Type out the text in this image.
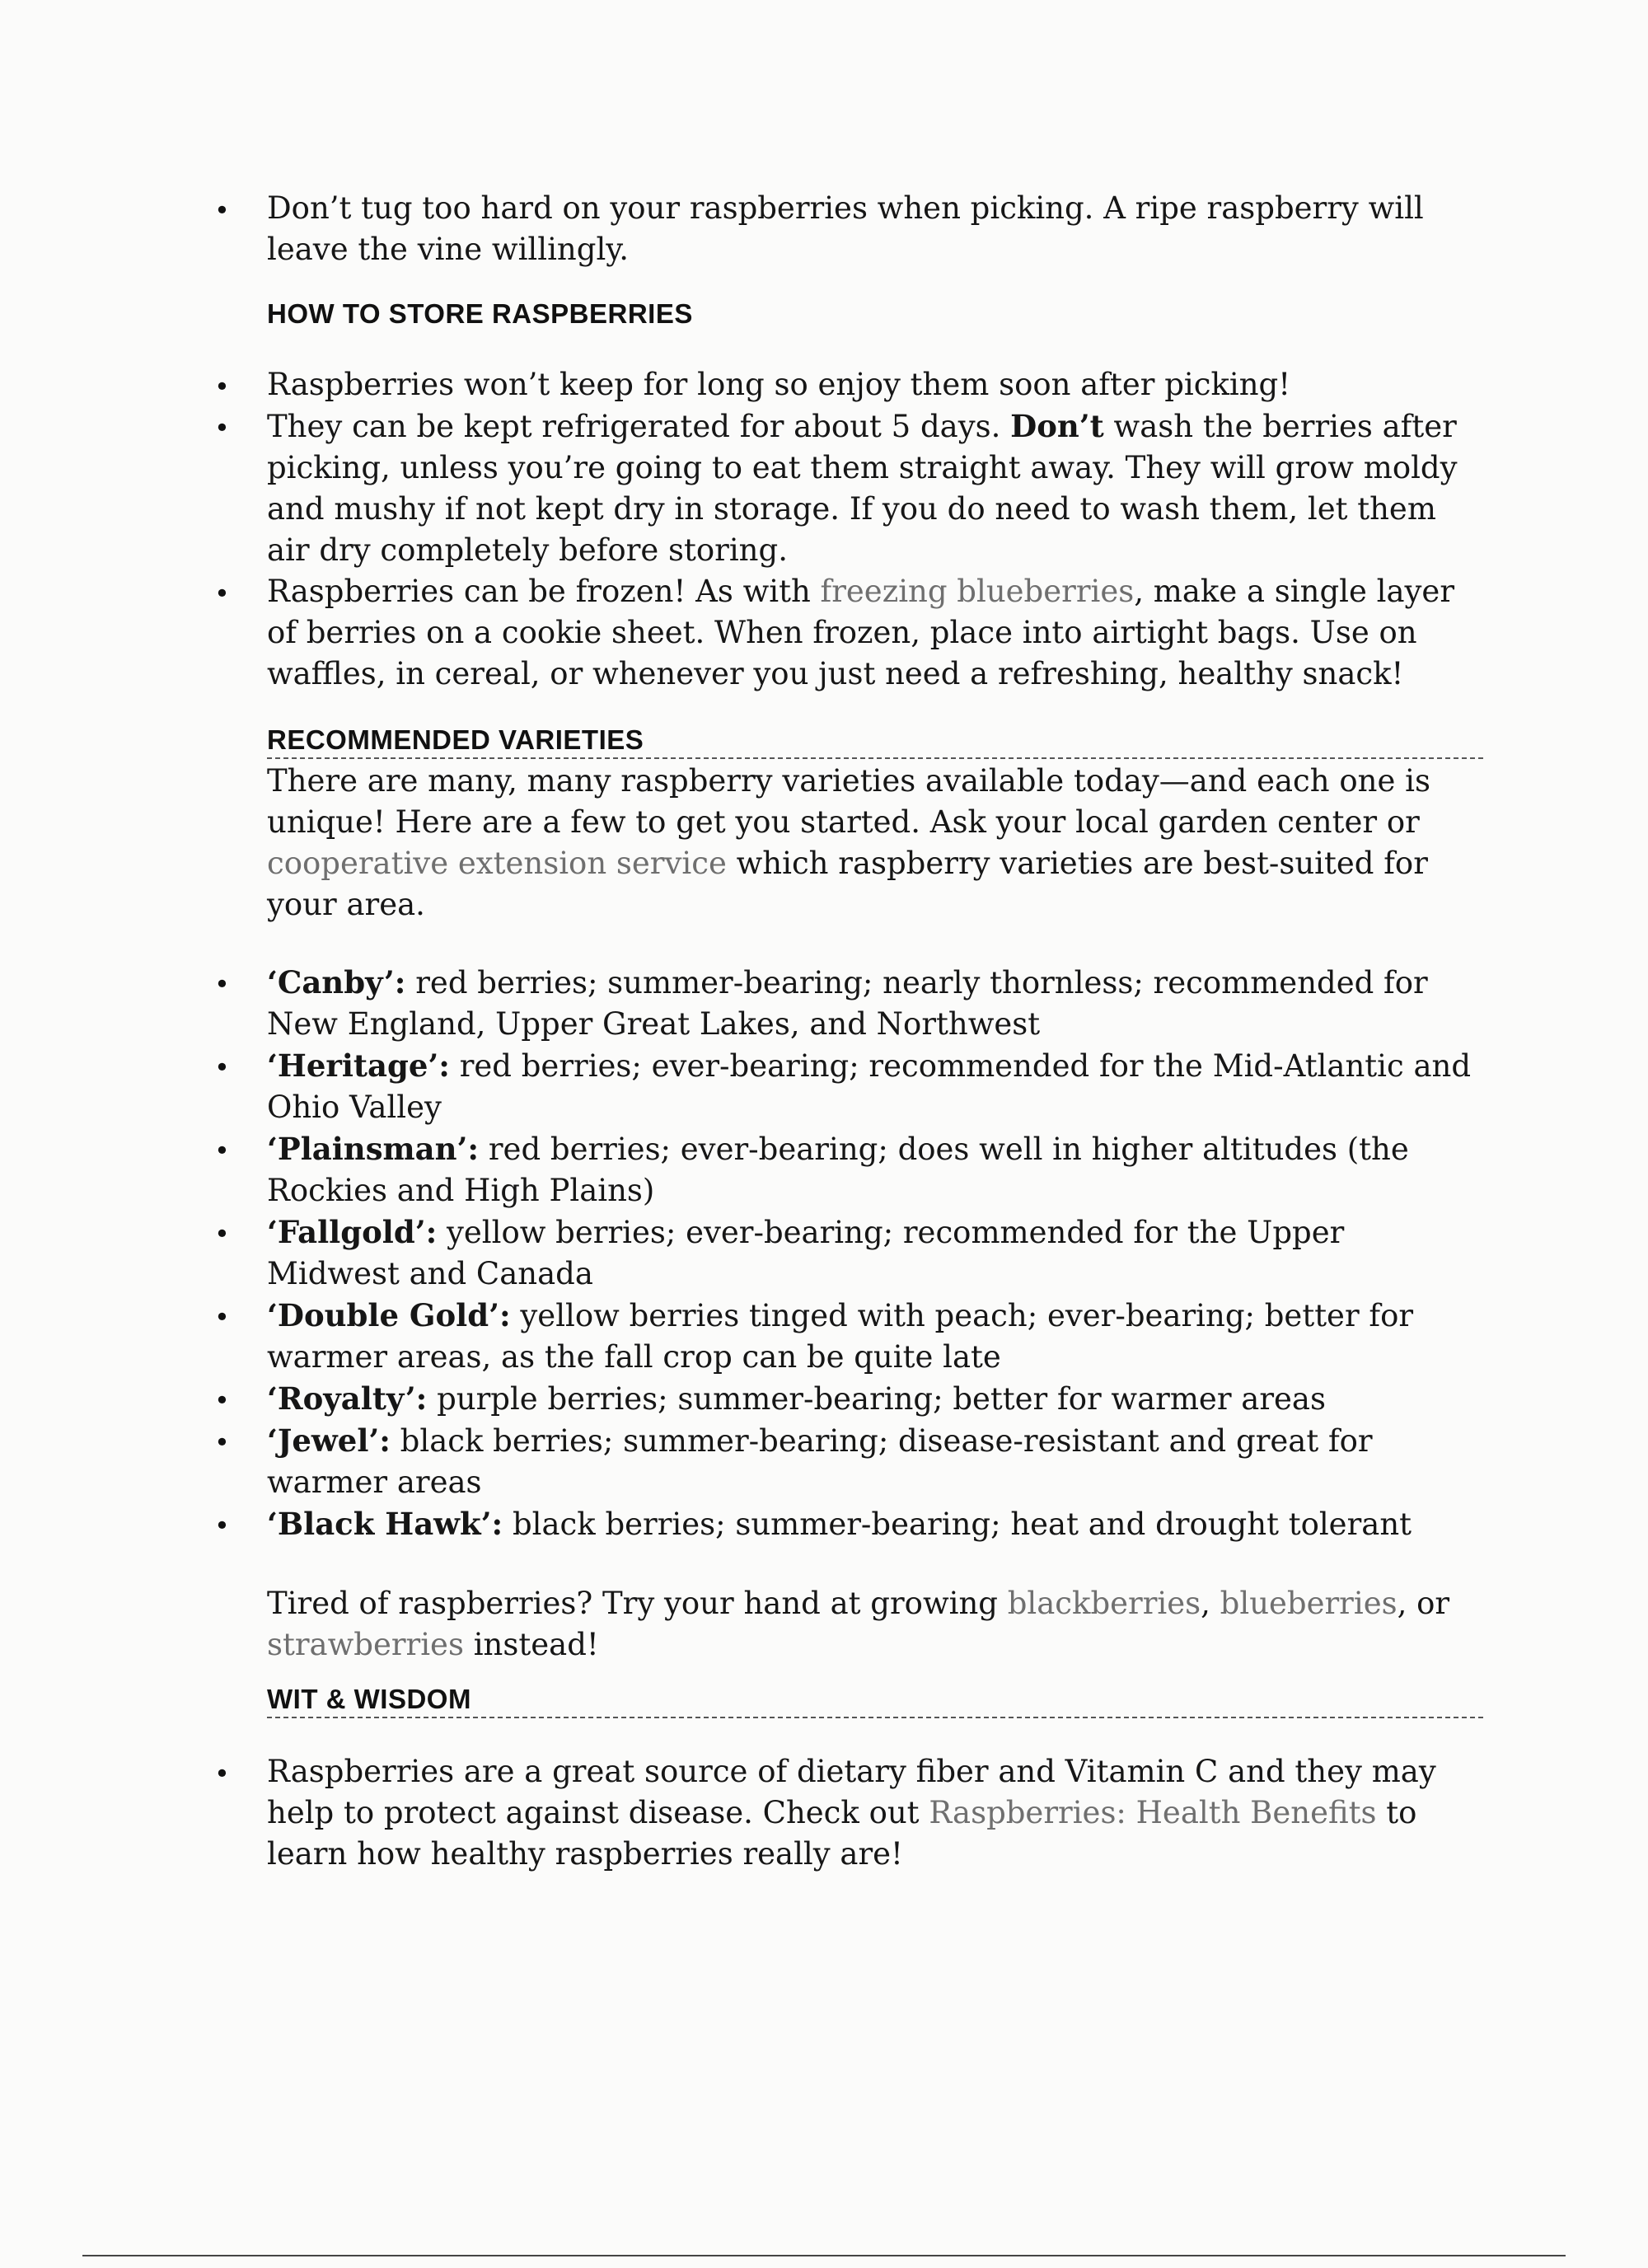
• Don’t tug too hard on your raspberries when picking. A ripe raspberry will leave the vine willingly.
HOW TO STORE RASPBERRIES
• Raspberries won’t keep for long so enjoy them soon after picking!
• They can be kept refrigerated for about 5 days. Don’t wash the berries after picking, unless you’re going to eat them straight away. They will grow moldy and mushy if not kept dry in storage. If you do need to wash them, let them air dry completely before storing.
• Raspberries can be frozen! As with freezing blueberries, make a single layer of berries on a cookie sheet. When frozen, place into airtight bags. Use on waffles, in cereal, or whenever you just need a refreshing, healthy snack!
RECOMMENDED VARIETIES
There are many, many raspberry varieties available today—and each one is unique! Here are a few to get you started. Ask your local garden center or cooperative extension service which raspberry varieties are best-suited for your area.
• ‘Canby’: red berries; summer-bearing; nearly thornless; recommended for New England, Upper Great Lakes, and Northwest
• ‘Heritage’: red berries; ever-bearing; recommended for the Mid-Atlantic and Ohio Valley
• ‘Plainsman’: red berries; ever-bearing; does well in higher altitudes (the Rockies and High Plains)
• ‘Fallgold’: yellow berries; ever-bearing; recommended for the Upper Midwest and Canada
• ‘Double Gold’: yellow berries tinged with peach; ever-bearing; better for warmer areas, as the fall crop can be quite late
• ‘Royalty’: purple berries; summer-bearing; better for warmer areas
• ‘Jewel’: black berries; summer-bearing; disease-resistant and great for warmer areas
• ‘Black Hawk’: black berries; summer-bearing; heat and drought tolerant
Tired of raspberries? Try your hand at growing blackberries, blueberries, or strawberries instead!
WIT & WISDOM
• Raspberries are a great source of dietary fiber and Vitamin C and they may help to protect against disease. Check out Raspberries: Health Benefits to learn how healthy raspberries really are!
